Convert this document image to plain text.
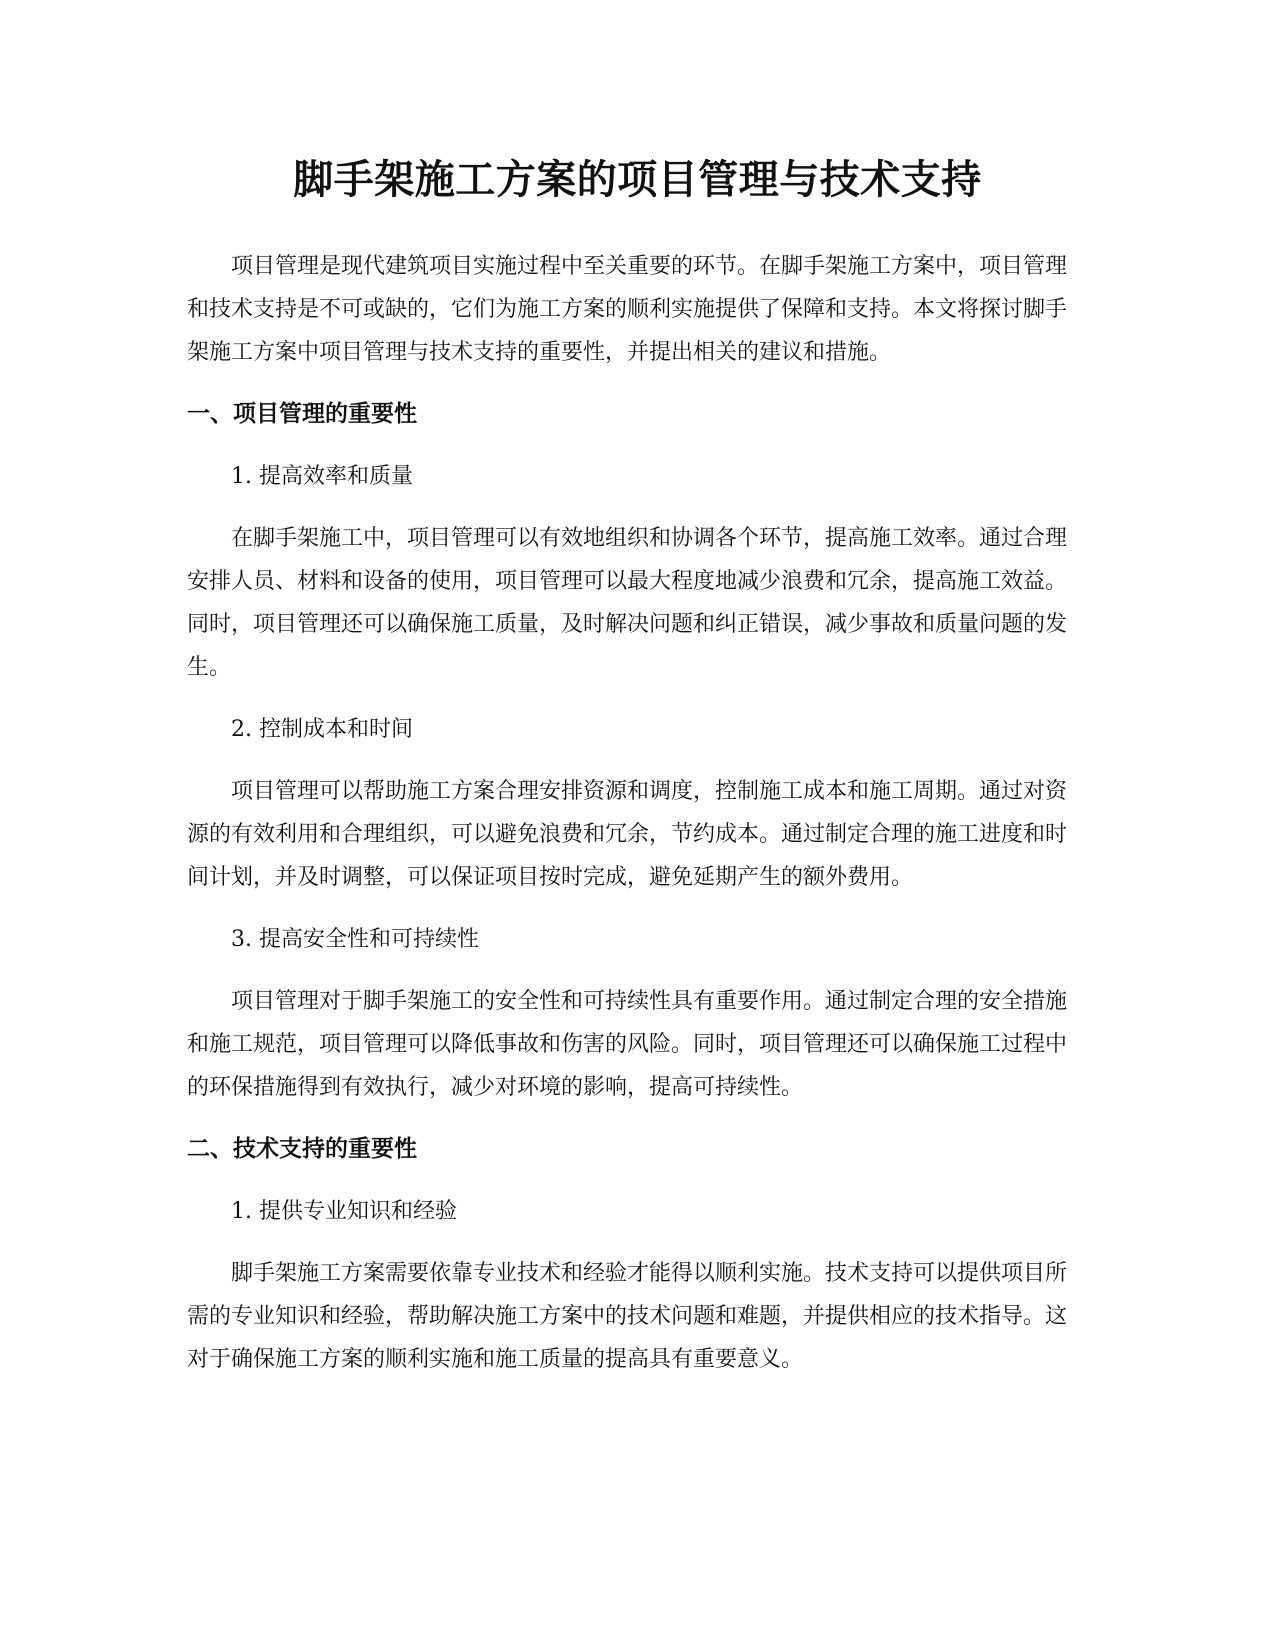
脚手架施工方案的项目管理与技术支持

项目管理是现代建筑项目实施过程中至关重要的环节。在脚手架施工方案中，项目管理和技术支持是不可或缺的，它们为施工方案的顺利实施提供了保障和支持。本文将探讨脚手架施工方案中项目管理与技术支持的重要性，并提出相关的建议和措施。

一、项目管理的重要性

1. 提高效率和质量

在脚手架施工中，项目管理可以有效地组织和协调各个环节，提高施工效率。通过合理安排人员、材料和设备的使用，项目管理可以最大程度地减少浪费和冗余，提高施工效益。同时，项目管理还可以确保施工质量，及时解决问题和纠正错误，减少事故和质量问题的发生。

2. 控制成本和时间

项目管理可以帮助施工方案合理安排资源和调度，控制施工成本和施工周期。通过对资源的有效利用和合理组织，可以避免浪费和冗余，节约成本。通过制定合理的施工进度和时间计划，并及时调整，可以保证项目按时完成，避免延期产生的额外费用。

3. 提高安全性和可持续性

项目管理对于脚手架施工的安全性和可持续性具有重要作用。通过制定合理的安全措施和施工规范，项目管理可以降低事故和伤害的风险。同时，项目管理还可以确保施工过程中的环保措施得到有效执行，减少对环境的影响，提高可持续性。

二、技术支持的重要性

1. 提供专业知识和经验

脚手架施工方案需要依靠专业技术和经验才能得以顺利实施。技术支持可以提供项目所需的专业知识和经验，帮助解决施工方案中的技术问题和难题，并提供相应的技术指导。这对于确保施工方案的顺利实施和施工质量的提高具有重要意义。
